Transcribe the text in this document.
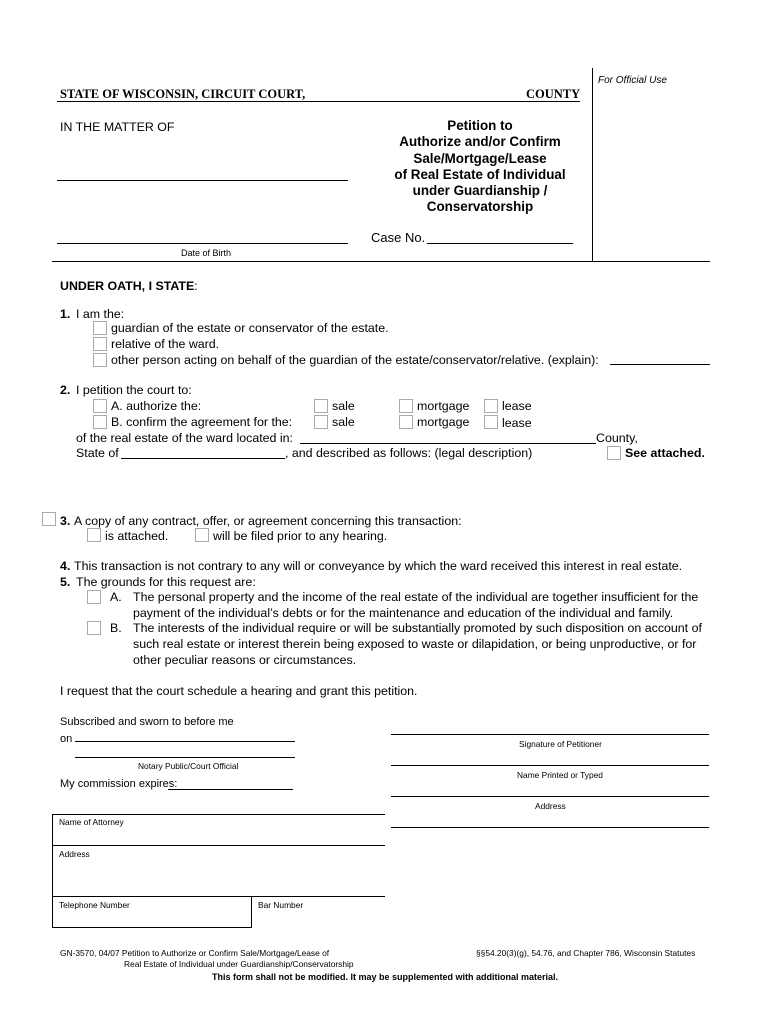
For Official Use
STATE OF WISCONSIN, CIRCUIT COURT,	COUNTY
IN THE MATTER OF
Date of Birth
Petition to
Authorize and/or Confirm
Sale/Mortgage/Lease
of Real Estate of Individual
under Guardianship /
Conservatorship
Case No.
UNDER OATH, I STATE:
1. I am the:
guardian of the estate or conservator of the estate.
relative of the ward.
other person acting on behalf of the guardian of the estate/conservator/relative. (explain):
2. I petition the court to:
A. authorize the:	sale	mortgage	lease
B. confirm the agreement for the:	sale	mortgage	lease
of the real estate of the ward located in:	County,
State of	, and described as follows: (legal description)	See attached.
3. A copy of any contract, offer, or agreement concerning this transaction:
is attached.	will be filed prior to any hearing.
4. This transaction is not contrary to any will or conveyance by which the ward received this interest in real estate.
5. The grounds for this request are:
A. The personal property and the income of the real estate of the individual are together insufficient for the
payment of the individual’s debts or for the maintenance and education of the individual and family.
B. The interests of the individual require or will be substantially promoted by such disposition on account of
such real estate or interest therein being exposed to waste or dilapidation, or being unproductive, or for
other peculiar reasons or circumstances.
I request that the court schedule a hearing and grant this petition.
Subscribed and sworn to before me
on
Notary Public/Court Official
My commission expires:
Signature of Petitioner
Name Printed or Typed
Address
Name of Attorney
Address
Telephone Number	Bar Number
GN-3570, 04/07 Petition to Authorize or Confirm Sale/Mortgage/Lease of
Real Estate of Individual under Guardianship/Conservatorship
§§54.20(3)(g), 54.76, and Chapter 786, Wisconsin Statutes
This form shall not be modified. It may be supplemented with additional material.
